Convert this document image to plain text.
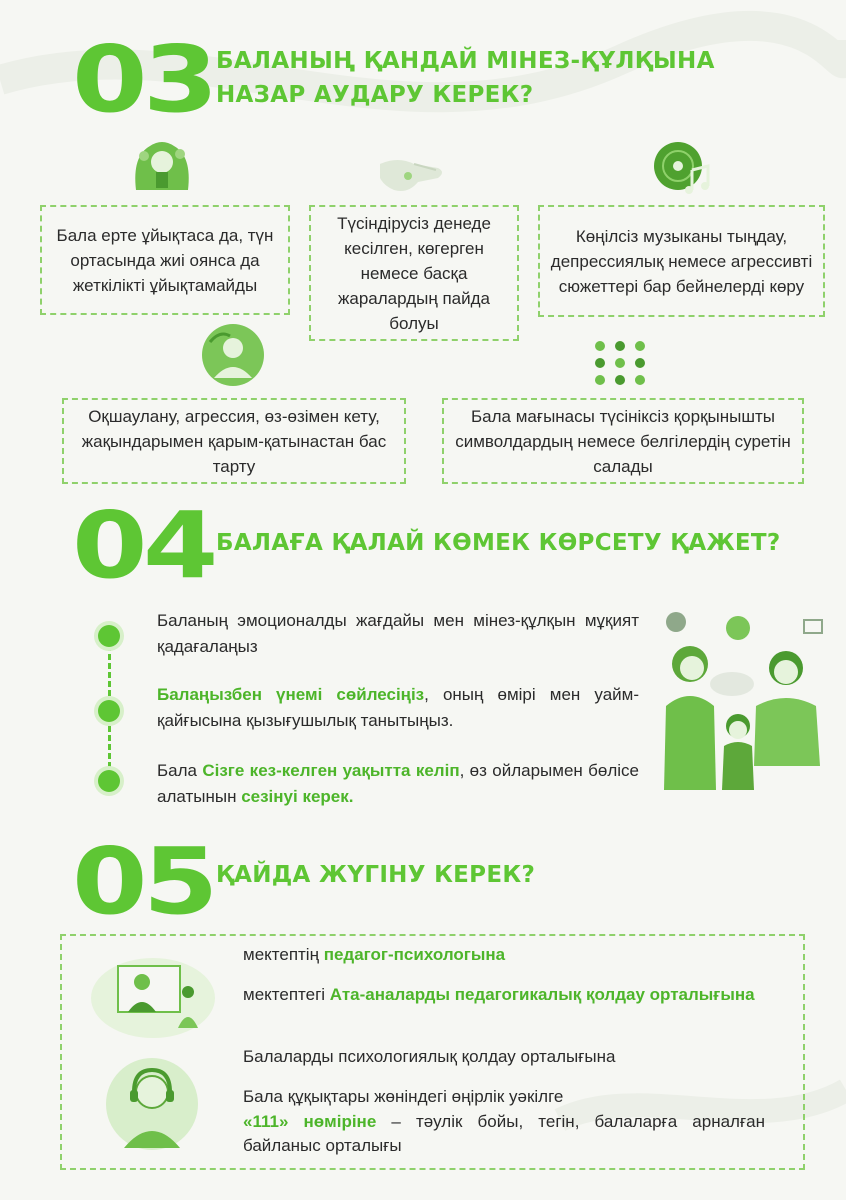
03 БАЛАНЫҢ ҚАНДАЙ МІНЕЗ-ҚҰЛҚЫНА
НАЗАР АУДАРУ КЕРЕК?
Бала ерте ұйықтаса да, түн ортасында жиі оянса да жеткілікті ұйықтамайды
Түсіндірусіз денеде кесілген, көгерген немесе басқа жаралардың пайда болуы
Көңілсіз музыканы тыңдау, депрессиялық немесе агрессивті сюжеттері бар бейнелерді көру
Оқшаулану, агрессия, өз-өзімен кету, жақындарымен қарым-қатынастан бас тарту
Бала мағынасы түсініксіз қорқынышты символдардың немесе белгілердің суретін салады
04 БАЛАҒА ҚАЛАЙ КӨМЕК КӨРСЕТУ ҚАЖЕТ?
Баланың эмоционалды жағдайы мен мінез-құлқын мұқият қадағалаңыз
Балаңызбен үнемі сөйлесіңіз, оның өмірі мен уайм-қайғысына қызығушылық танытыңыз.
Бала Сізге кез-келген уақытта келіп, өз ойларымен бөлісе алатынын сезінуі керек.
05 ҚАЙДА ЖҮГІНУ КЕРЕК?
мектептің педагог-психологына
мектептегі Ата-аналарды педагогикалық қолдау орталығына
Балаларды психологиялық қолдау орталығына
Бала құқықтары жөніндегі өңірлік уәкілге
«111» нөміріне – тәулік бойы, тегін, балаларға арналған байланыс орталығы
